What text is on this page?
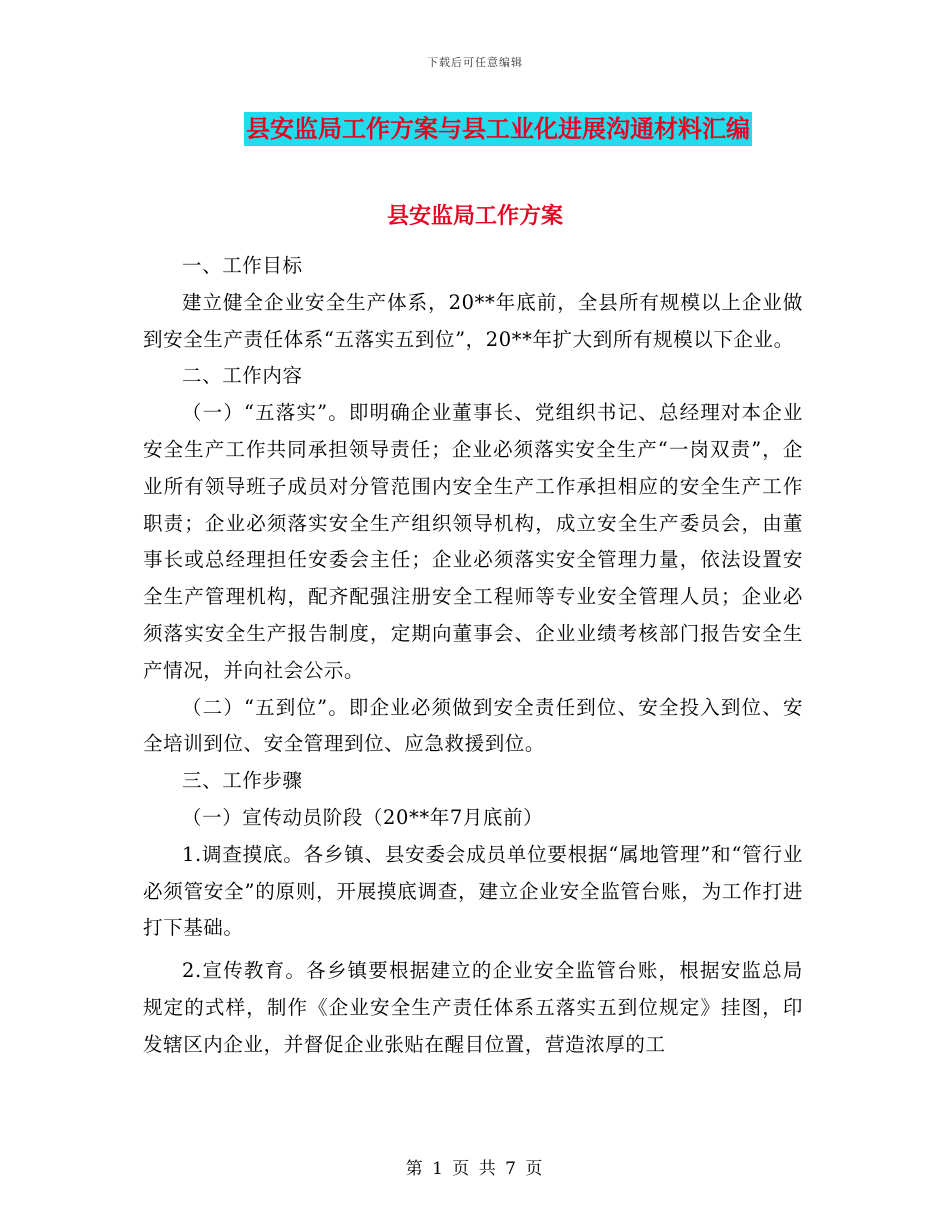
下载后可任意编辑
县安监局工作方案与县工业化进展沟通材料汇编
县安监局工作方案

一、工作目标

建立健全企业安全生产体系，20**年底前，全县所有规模以上企业做到安全生产责任体系“五落实五到位”，20**年扩大到所有规模以下企业。

二、工作内容

（一）“五落实”。即明确企业董事长、党组织书记、总经理对本企业安全生产工作共同承担领导责任；企业必须落实安全生产“一岗双责”，企业所有领导班子成员对分管范围内安全生产工作承担相应的安全生产工作职责；企业必须落实安全生产组织领导机构，成立安全生产委员会，由董事长或总经理担任安委会主任；企业必须落实安全管理力量，依法设置安全生产管理机构，配齐配强注册安全工程师等专业安全管理人员；企业必须落实安全生产报告制度，定期向董事会、企业业绩考核部门报告安全生产情况，并向社会公示。

（二）“五到位”。即企业必须做到安全责任到位、安全投入到位、安全培训到位、安全管理到位、应急救援到位。

三、工作步骤

（一）宣传动员阶段（20**年7月底前）

1.调查摸底。各乡镇、县安委会成员单位要根据“属地管理”和“管行业必须管安全”的原则，开展摸底调查，建立企业安全监管台账，为工作打进打下基础。

2.宣传教育。各乡镇要根据建立的企业安全监管台账，根据安监总局规定的式样，制作《企业安全生产责任体系五落实五到位规定》挂图，印发辖区内企业，并督促企业张贴在醒目位置，营造浓厚的工

第 1 页 共 7 页
